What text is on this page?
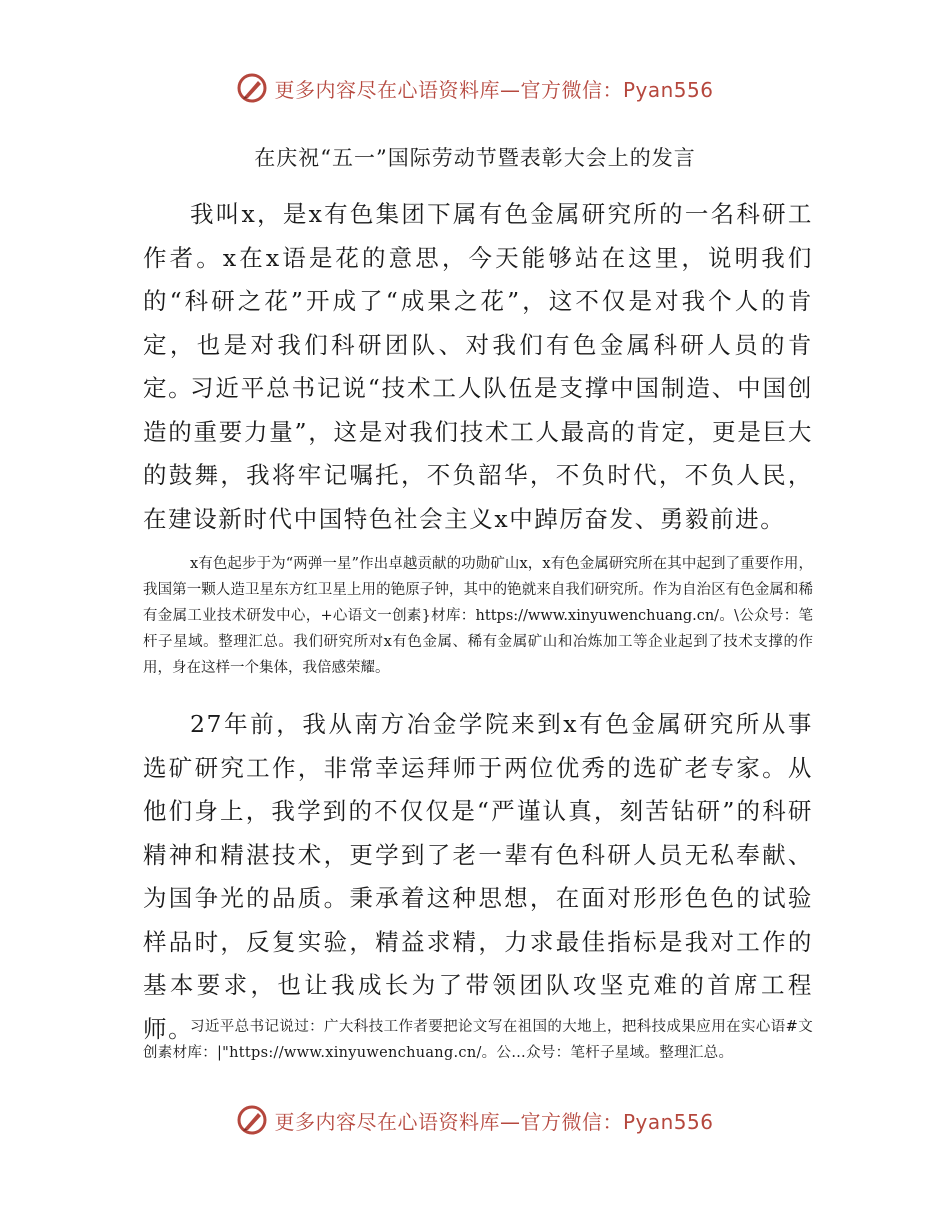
更多内容尽在心语资料库—官方微信：Pyan556
在庆祝“五一”国际劳动节暨表彰大会上的发言

我叫x，是x有色集团下属有色金属研究所的一名科研工作者。x在x语是花的意思，今天能够站在这里，说明我们的“科研之花”开成了“成果之花”，这不仅是对我个人的肯定，也是对我们科研团队、对我们有色金属科研人员的肯定。

习近平总书记说“技术工人队伍是支撑中国制造、中国创造的重要力量”，这是对我们技术工人最高的肯定，更是巨大的鼓舞，我将牢记嘱托，不负韶华，不负时代，不负人民，在建设新时代中国特色社会主义x中踔厉奋发、勇毅前进。

x有色起步于为“两弹一星”作出卓越贡献的功勋矿山x，x有色金属研究所在其中起到了重要作用，我国第一颗人造卫星东方红卫星上用的铯原子钟，其中的铯就来自我们研究所。作为自治区有色金属和稀有金属工业技术研发中心，+心语文一创素}材库：https://www.xinyuwenchuang.cn/。\公众号：笔杆子星域。整理汇总。我们研究所对x有色金属、稀有金属矿山和冶炼加工等企业起到了技术支撑的作用，身在这样一个集体，我倍感荣耀。

27年前，我从南方冶金学院来到x有色金属研究所从事选矿研究工作，非常幸运拜师于两位优秀的选矿老专家。从他们身上，我学到的不仅仅是“严谨认真，刻苦钻研”的科研精神和精湛技术，更学到了老一辈有色科研人员无私奉献、为国争光的品质。秉承着这种思想，在面对形形色色的试验样品时，反复实验，精益求精，力求最佳指标是我对工作的基本要求，也让我成长为了带领团队攻坚克难的首席工程师。

习近平总书记说过：广大科技工作者要把论文写在祖国的大地上，把科技成果应用在实心语#文创素材库：|"https://www.xinyuwenchuang.cn/。公…众号：笔杆子星域。整理汇总。

更多内容尽在心语资料库—官方微信：Pyan556
